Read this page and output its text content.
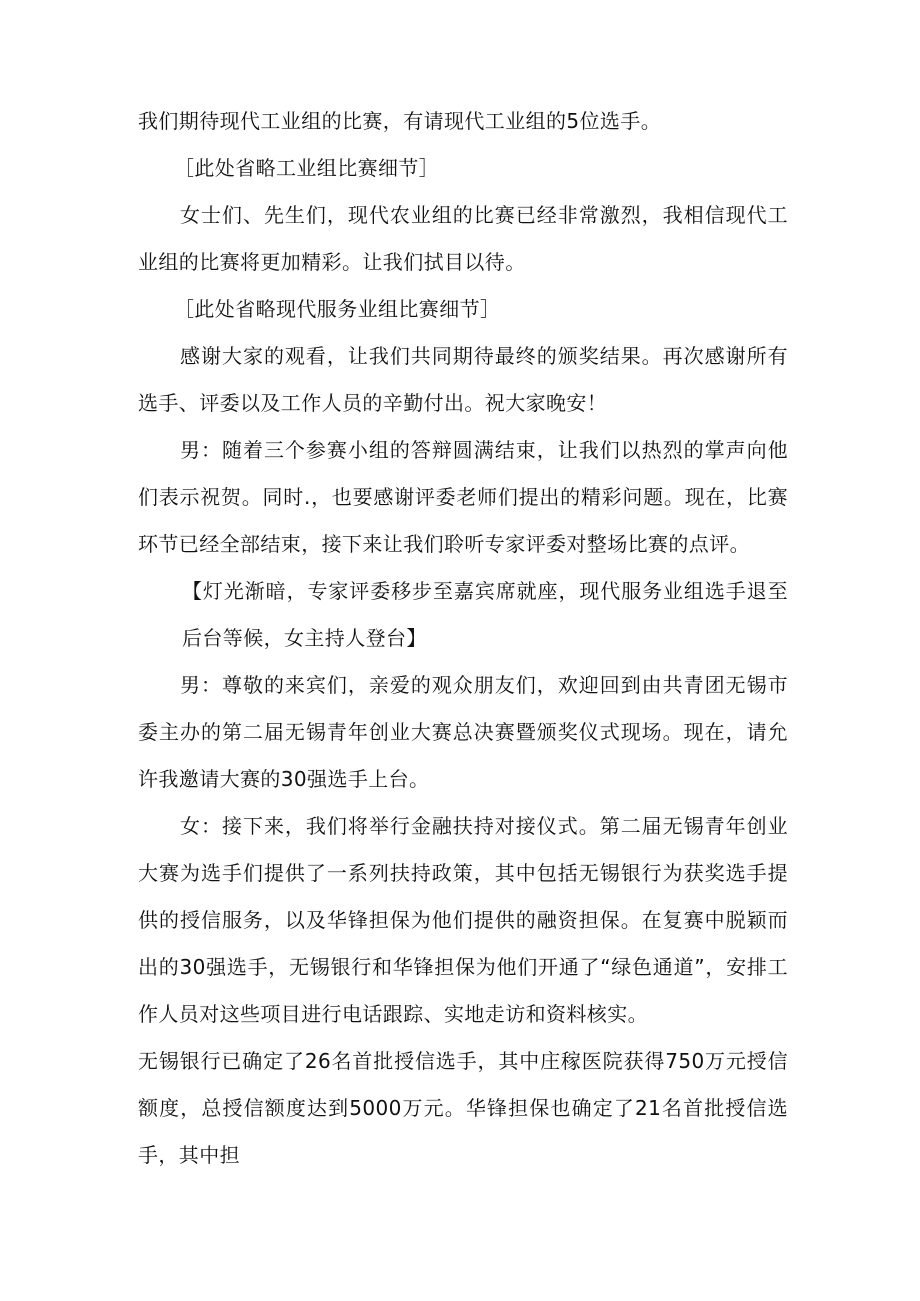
我们期待现代工业组的比赛，有请现代工业组的5位选手。

［此处省略工业组比赛细节］

女士们、先生们，现代农业组的比赛已经非常激烈，我相信现代工业组的比赛将更加精彩。让我们拭目以待。

［此处省略现代服务业组比赛细节］

感谢大家的观看，让我们共同期待最终的颁奖结果。再次感谢所有选手、评委以及工作人员的辛勤付出。祝大家晚安！

男：随着三个参赛小组的答辩圆满结束，让我们以热烈的掌声向他们表示祝贺。同时.，也要感谢评委老师们提出的精彩问题。现在，比赛环节已经全部结束，接下来让我们聆听专家评委对整场比赛的点评。

【灯光渐暗，专家评委移步至嘉宾席就座，现代服务业组选手退至后台等候，女主持人登台】

男：尊敬的来宾们，亲爱的观众朋友们，欢迎回到由共青团无锡市委主办的第二届无锡青年创业大赛总决赛暨颁奖仪式现场。现在，请允许我邀请大赛的30强选手上台。

女：接下来，我们将举行金融扶持对接仪式。第二届无锡青年创业大赛为选手们提供了一系列扶持政策，其中包括无锡银行为获奖选手提供的授信服务，以及华锋担保为他们提供的融资担保。在复赛中脱颖而出的30强选手，无锡银行和华锋担保为他们开通了“绿色通道”，安排工作人员对这些项目进行电话跟踪、实地走访和资料核实。

无锡银行已确定了26名首批授信选手，其中庄稼医院获得750万元授信额度，总授信额度达到5000万元。华锋担保也确定了21名首批授信选手，其中担
